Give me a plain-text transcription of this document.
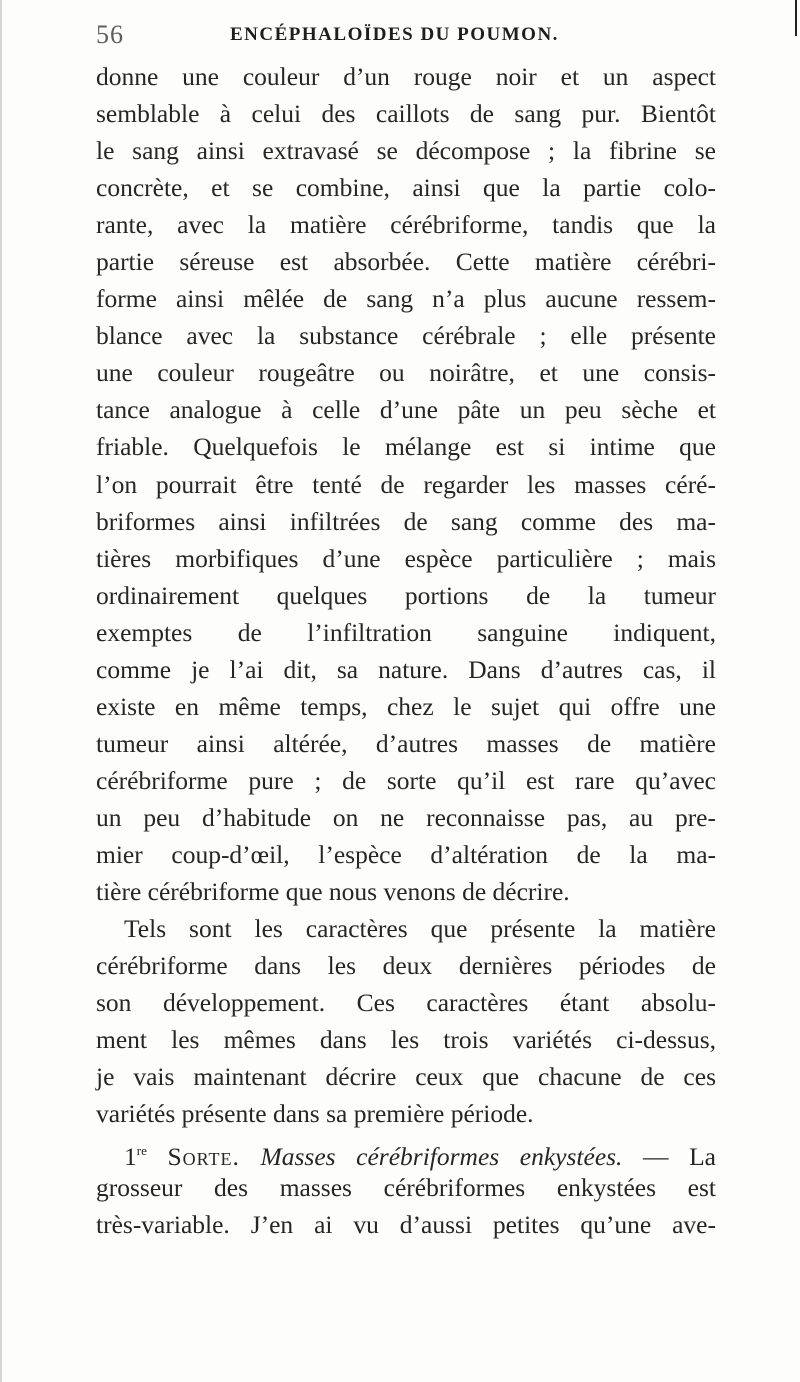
56	ENCÉPHALOÏDES DU POUMON.
donne une couleur d’un rouge noir et un aspect
semblable à celui des caillots de sang pur. Bientôt
le sang ainsi extravasé se décompose ; la fibrine se
concrète, et se combine, ainsi que la partie colo-
rante, avec la matière cérébriforme, tandis que la
partie séreuse est absorbée. Cette matière cérébri-
forme ainsi mêlée de sang n’a plus aucune ressem-
blance avec la substance cérébrale ; elle présente
une couleur rougeâtre ou noirâtre, et une consis-
tance analogue à celle d’une pâte un peu sèche et
friable. Quelquefois le mélange est si intime que
l’on pourrait être tenté de regarder les masses céré-
briformes ainsi infiltrées de sang comme des ma-
tières morbifiques d’une espèce particulière ; mais
ordinairement quelques portions de la tumeur
exemptes de l’infiltration sanguine indiquent,
comme je l’ai dit, sa nature. Dans d’autres cas, il
existe en même temps, chez le sujet qui offre une
tumeur ainsi altérée, d’autres masses de matière
cérébriforme pure ; de sorte qu’il est rare qu’avec
un peu d’habitude on ne reconnaisse pas, au pre-
mier coup-d’œil, l’espèce d’altération de la ma-
tière cérébriforme que nous venons de décrire.
Tels sont les caractères que présente la matière
cérébriforme dans les deux dernières périodes de
son développement. Ces caractères étant absolu-
ment les mêmes dans les trois variétés ci-dessus,
je vais maintenant décrire ceux que chacune de ces
variétés présente dans sa première période.
1re Sorte. Masses cérébriformes enkystées. — La
grosseur des masses cérébriformes enkystées est
très-variable. J’en ai vu d’aussi petites qu’une ave-
